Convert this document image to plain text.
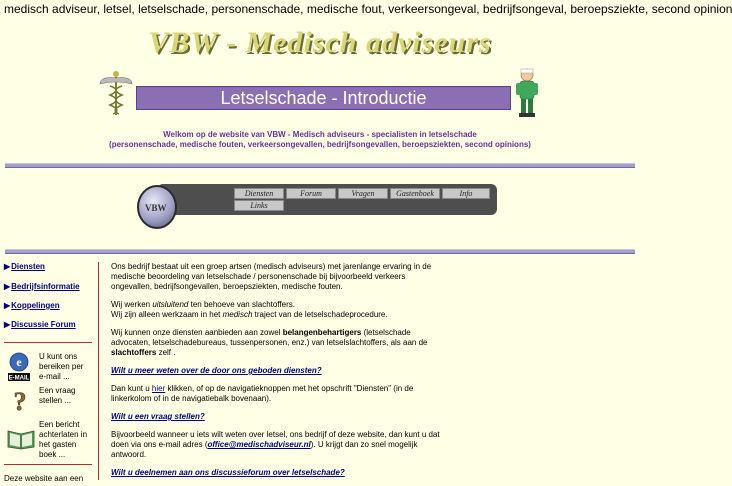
medisch adviseur, letsel, letselschade, personenschade, medische fout, verkeersongeval, bedrijfsongeval, beroepsziekte, second opinion
VBW - Medisch adviseurs
Letselschade - Introductie
Welkom op de website van VBW - Medisch adviseurs - specialisten in letselschade
(personenschade, medische fouten, verkeersongevallen, bedrijfsongevallen, beroepsziekten, second opinions)
Diensten	Forum	Vragen	Gastenboek	Info
Links
VBW
▶Diensten
▶Bedrijfsinformatie
▶Koppelingen
▶Discussie Forum
e
E-MAIL
U kunt ons bereiken per e-mail ...
? Een vraag stellen ...
Een bericht achterlaten in het gasten boek ...
Deze website aan een

Ons bedrijf bestaat uit een groep artsen (medisch adviseurs) met jarenlange ervaring in de medische beoordeling van letselschade / personenschade bij bijvoorbeeld verkeers ongevallen, bedrijfsongevallen, beroepsziekten, medische fouten.

Wij werken uitsluitend ten behoeve van slachtoffers.
Wij zijn alleen werkzaam in het medisch traject van de letselschadeprocedure.

Wij kunnen onze diensten aanbieden aan zowel belangenbehartigers (letselschade advocaten, letselschadebureaus, tussenpersonen, enz.) van letselslachtoffers, als aan de slachtoffers zelf .

Wilt u meer weten over de door ons geboden diensten?

Dan kunt u hier klikken, of op de navigatieknoppen met het opschrift "Diensten" (in de linkerkolom of in de navigatiebalk bovenaan).

Wilt u een vraag stellen?

Bijvoorbeeld wanneer u iets wilt weten over letsel, ons bedrijf of deze website, dan kunt u dat doen via ons e-mail adres (office@medischadviseur.nl). U krijgt dan zo snel mogelijk antwoord.

Wilt u deelnemen aan ons discussieforum over letselschade?
